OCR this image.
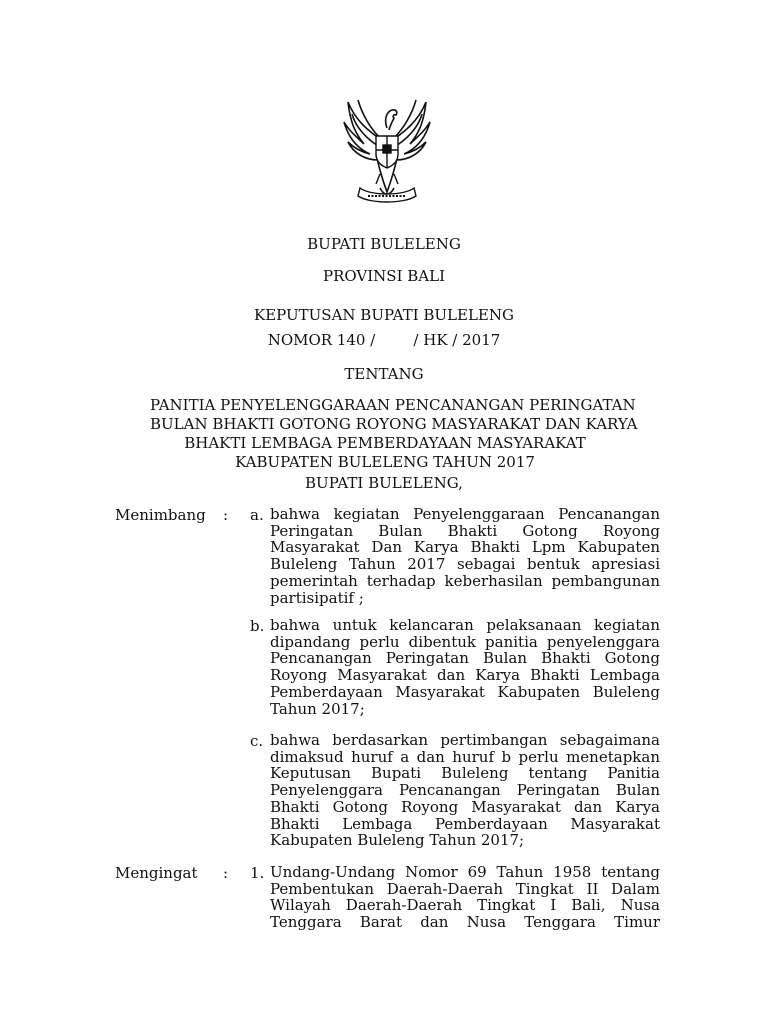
BUPATI BULELENG
PROVINSI BALI
KEPUTUSAN BUPATI BULELENG
NOMOR 140 /        / HK / 2017
TENTANG
PANITIA PENYELENGGARAAN PENCANANGAN PERINGATAN
BULAN BHAKTI GOTONG ROYONG MASYARAKAT DAN KARYA
BHAKTI LEMBAGA PEMBERDAYAAN MASYARAKAT
KABUPATEN BULELENG TAHUN 2017
BUPATI BULELENG,
Menimbang : a. bahwa kegiatan Penyelenggaraan Pencanangan
Peringatan Bulan Bhakti Gotong Royong
Masyarakat Dan Karya Bhakti Lpm Kabupaten
Buleleng Tahun 2017 sebagai bentuk apresiasi
pemerintah terhadap keberhasilan pembangunan
partisipatif ;
b. bahwa untuk kelancaran pelaksanaan kegiatan
dipandang perlu dibentuk panitia penyelenggara
Pencanangan Peringatan Bulan Bhakti Gotong
Royong Masyarakat dan Karya Bhakti Lembaga
Pemberdayaan Masyarakat Kabupaten Buleleng
Tahun 2017;
c. bahwa berdasarkan pertimbangan sebagaimana
dimaksud huruf a dan huruf b perlu menetapkan
Keputusan Bupati Buleleng tentang Panitia
Penyelenggara Pencanangan Peringatan Bulan
Bhakti Gotong Royong Masyarakat dan Karya
Bhakti Lembaga Pemberdayaan Masyarakat
Kabupaten Buleleng Tahun 2017;
Mengingat : 1. Undang-Undang Nomor 69 Tahun 1958 tentang
Pembentukan Daerah-Daerah Tingkat II Dalam
Wilayah Daerah-Daerah Tingkat I Bali, Nusa
Tenggara Barat dan Nusa Tenggara Timur
